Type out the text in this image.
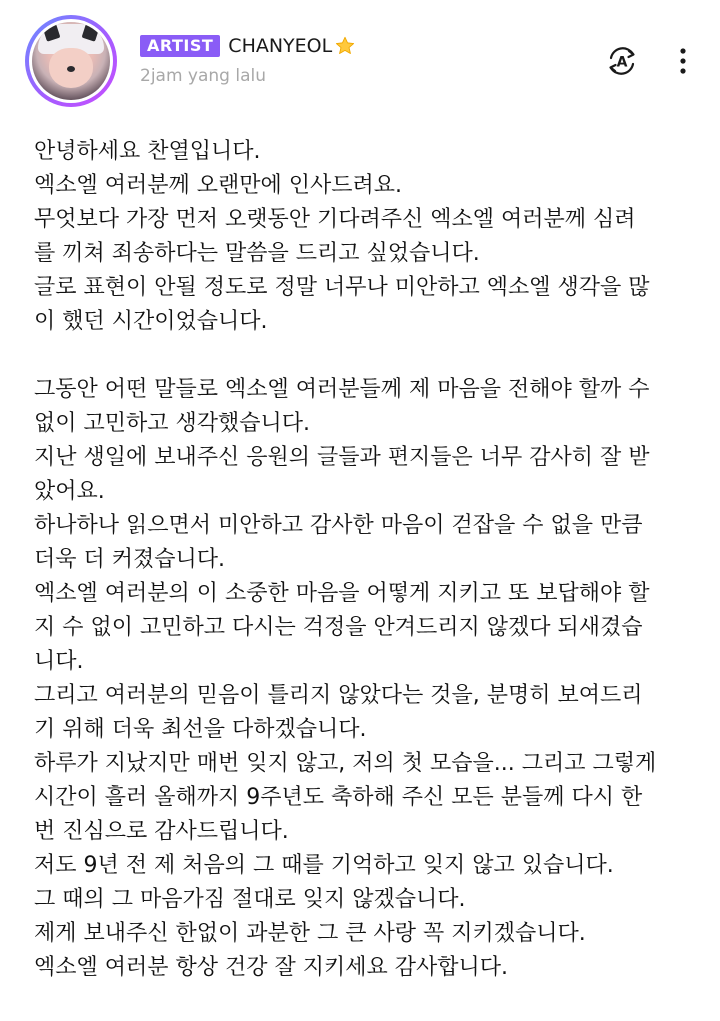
ARTIST CHANYEOL
2jam yang lalu
A
안녕하세요 찬열입니다.
엑소엘 여러분께 오랜만에 인사드려요.
무엇보다 가장 먼저 오랫동안 기다려주신 엑소엘 여러분께 심려
를 끼쳐 죄송하다는 말씀을 드리고 싶었습니다.
글로 표현이 안될 정도로 정말 너무나 미안하고 엑소엘 생각을 많
이 했던 시간이었습니다.
그동안 어떤 말들로 엑소엘 여러분들께 제 마음을 전해야 할까 수
없이 고민하고 생각했습니다.
지난 생일에 보내주신 응원의 글들과 편지들은 너무 감사히 잘 받
았어요.
하나하나 읽으면서 미안하고 감사한 마음이 걷잡을 수 없을 만큼
더욱 더 커졌습니다.
엑소엘 여러분의 이 소중한 마음을 어떻게 지키고 또 보답해야 할
지 수 없이 고민하고 다시는 걱정을 안겨드리지 않겠다 되새겼습
니다.
그리고 여러분의 믿음이 틀리지 않았다는 것을, 분명히 보여드리
기 위해 더욱 최선을 다하겠습니다.
하루가 지났지만 매번 잊지 않고, 저의 첫 모습을... 그리고 그렇게
시간이 흘러 올해까지 9주년도 축하해 주신 모든 분들께 다시 한
번 진심으로 감사드립니다.
저도 9년 전 제 처음의 그 때를 기억하고 잊지 않고 있습니다.
그 때의 그 마음가짐 절대로 잊지 않겠습니다.
제게 보내주신 한없이 과분한 그 큰 사랑 꼭 지키겠습니다.
엑소엘 여러분 항상 건강 잘 지키세요 감사합니다.
